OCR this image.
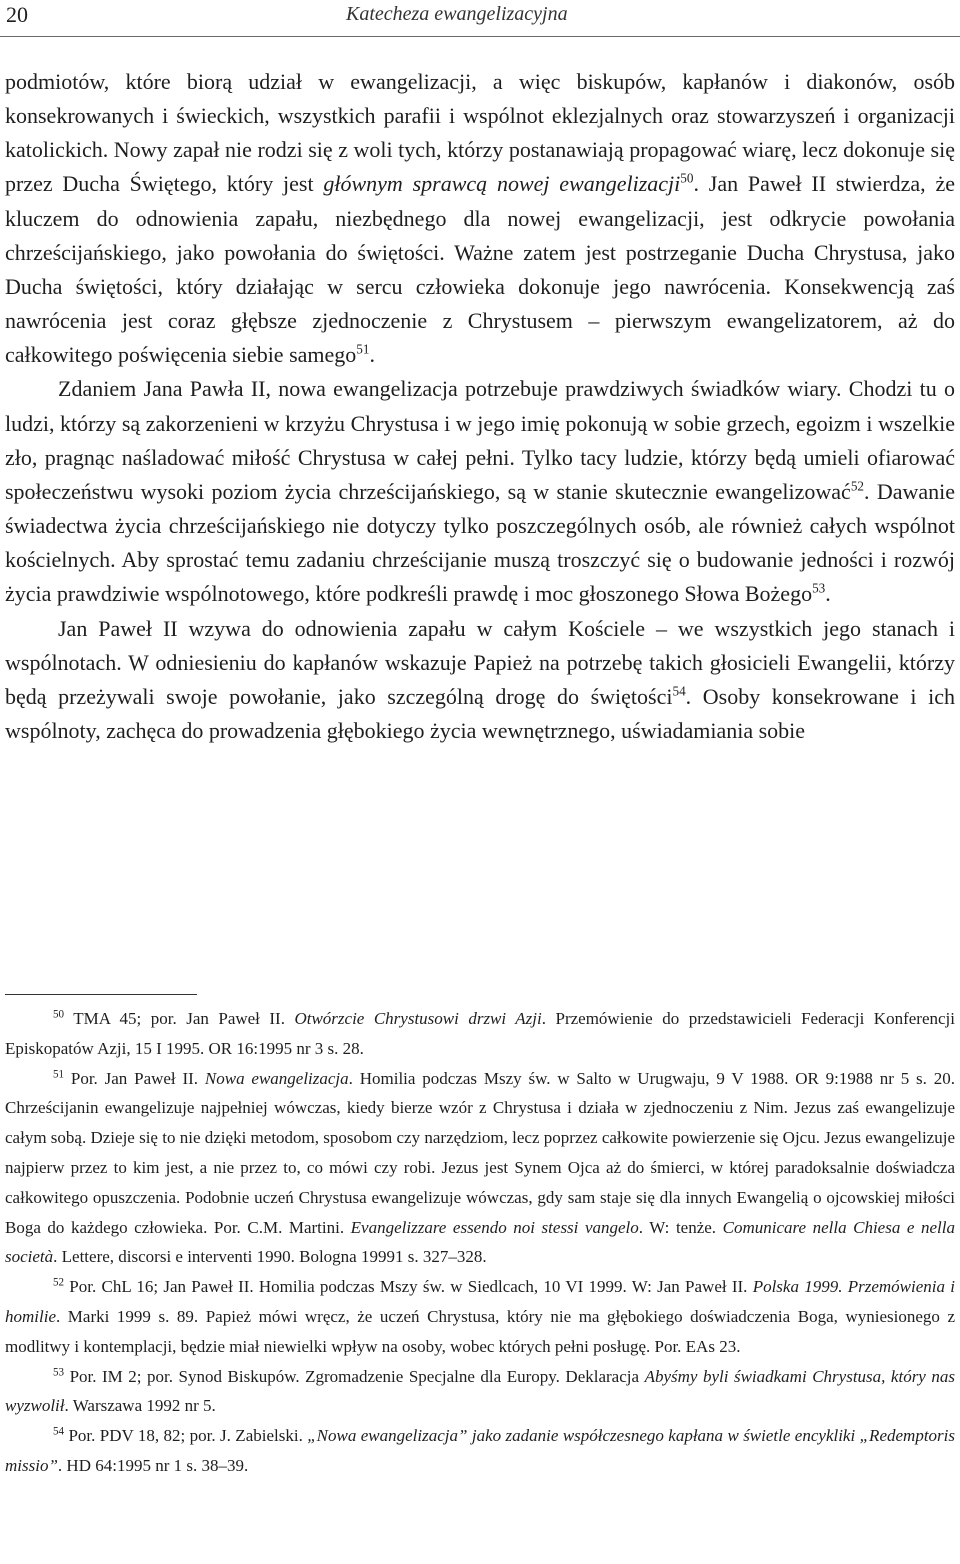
20	Katecheza ewangelizacyjna

podmiotów, które biorą udział w ewangelizacji, a więc biskupów, kapłanów i diakonów, osób konsekrowanych i świeckich, wszystkich parafii i wspólnot eklezjalnych oraz stowarzyszeń i organizacji katolickich. Nowy zapał nie rodzi się z woli tych, którzy postanawiają propagować wiarę, lecz dokonuje się przez Ducha Świętego, który jest głównym sprawcą nowej ewangelizacji$^{50}$. Jan Paweł II stwierdza, że kluczem do odnowienia zapału, niezbędnego dla nowej ewangelizacji, jest odkrycie powołania chrześcijańskiego, jako powołania do świętości. Ważne zatem jest postrzeganie Ducha Chrystusa, jako Ducha świętości, który działając w sercu człowieka dokonuje jego nawrócenia. Konsekwencją zaś nawrócenia jest coraz głębsze zjednoczenie z Chrystusem – pierwszym ewangelizatorem, aż do całkowitego poświęcenia siebie samego$^{51}$.

Zdaniem Jana Pawła II, nowa ewangelizacja potrzebuje prawdziwych świadków wiary. Chodzi tu o ludzi, którzy są zakorzenieni w krzyżu Chrystusa i w jego imię pokonują w sobie grzech, egoizm i wszelkie zło, pragnąc naśladować miłość Chrystusa w całej pełni. Tylko tacy ludzie, którzy będą umieli ofiarować społeczeństwu wysoki poziom życia chrześcijańskiego, są w stanie skutecznie ewangelizować$^{52}$. Dawanie świadectwa życia chrześcijańskiego nie dotyczy tylko poszczególnych osób, ale również całych wspólnot kościelnych. Aby sprostać temu zadaniu chrześcijanie muszą troszczyć się o budowanie jedności i rozwój życia prawdziwie wspólnotowego, które podkreśli prawdę i moc głoszonego Słowa Bożego$^{53}$.

Jan Paweł II wzywa do odnowienia zapału w całym Kościele – we wszystkich jego stanach i wspólnotach. W odniesieniu do kapłanów wskazuje Papież na potrzebę takich głosicieli Ewangelii, którzy będą przeżywali swoje powołanie, jako szczególną drogę do świętości$^{54}$. Osoby konsekrowane i ich wspólnoty, zachęca do prowadzenia głębokiego życia wewnętrznego, uświadamiania sobie

$^{50}$ TMA 45; por. Jan Paweł II. Otwórzcie Chrystusowi drzwi Azji. Przemówienie do przedstawicieli Federacji Konferencji Episkopatów Azji, 15 I 1995. OR 16:1995 nr 3 s. 28.

$^{51}$ Por. Jan Paweł II. Nowa ewangelizacja. Homilia podczas Mszy św. w Salto w Urugwaju, 9 V 1988. OR 9:1988 nr 5 s. 20. Chrześcijanin ewangelizuje najpełniej wówczas, kiedy bierze wzór z Chrystusa i działa w zjednoczeniu z Nim. Jezus zaś ewangelizuje całym sobą. Dzieje się to nie dzięki metodom, sposobom czy narzędziom, lecz poprzez całkowite powierzenie się Ojcu. Jezus ewangelizuje najpierw przez to kim jest, a nie przez to, co mówi czy robi. Jezus jest Synem Ojca aż do śmierci, w której paradoksalnie doświadcza całkowitego opuszczenia. Podobnie uczeń Chrystusa ewangelizuje wówczas, gdy sam staje się dla innych Ewangelią o ojcowskiej miłości Boga do każdego człowieka. Por. C.M. Martini. Evangelizzare essendo noi stessi vangelo. W: tenże. Comunicare nella Chiesa e nella società. Lettere, discorsi e interventi 1990. Bologna 19991 s. 327–328.

$^{52}$ Por. ChL 16; Jan Paweł II. Homilia podczas Mszy św. w Siedlcach, 10 VI 1999. W: Jan Paweł II. Polska 1999. Przemówienia i homilie. Marki 1999 s. 89. Papież mówi wręcz, że uczeń Chrystusa, który nie ma głębokiego doświadczenia Boga, wyniesionego z modlitwy i kontemplacji, będzie miał niewielki wpływ na osoby, wobec których pełni posługę. Por. EAs 23.

$^{53}$ Por. IM 2; por. Synod Biskupów. Zgromadzenie Specjalne dla Europy. Deklaracja Abyśmy byli świadkami Chrystusa, który nas wyzwolił. Warszawa 1992 nr 5.

$^{54}$ Por. PDV 18, 82; por. J. Zabielski. „Nowa ewangelizacja” jako zadanie współczesnego kapłana w świetle encykliki „Redemptoris missio”. HD 64:1995 nr 1 s. 38–39.
